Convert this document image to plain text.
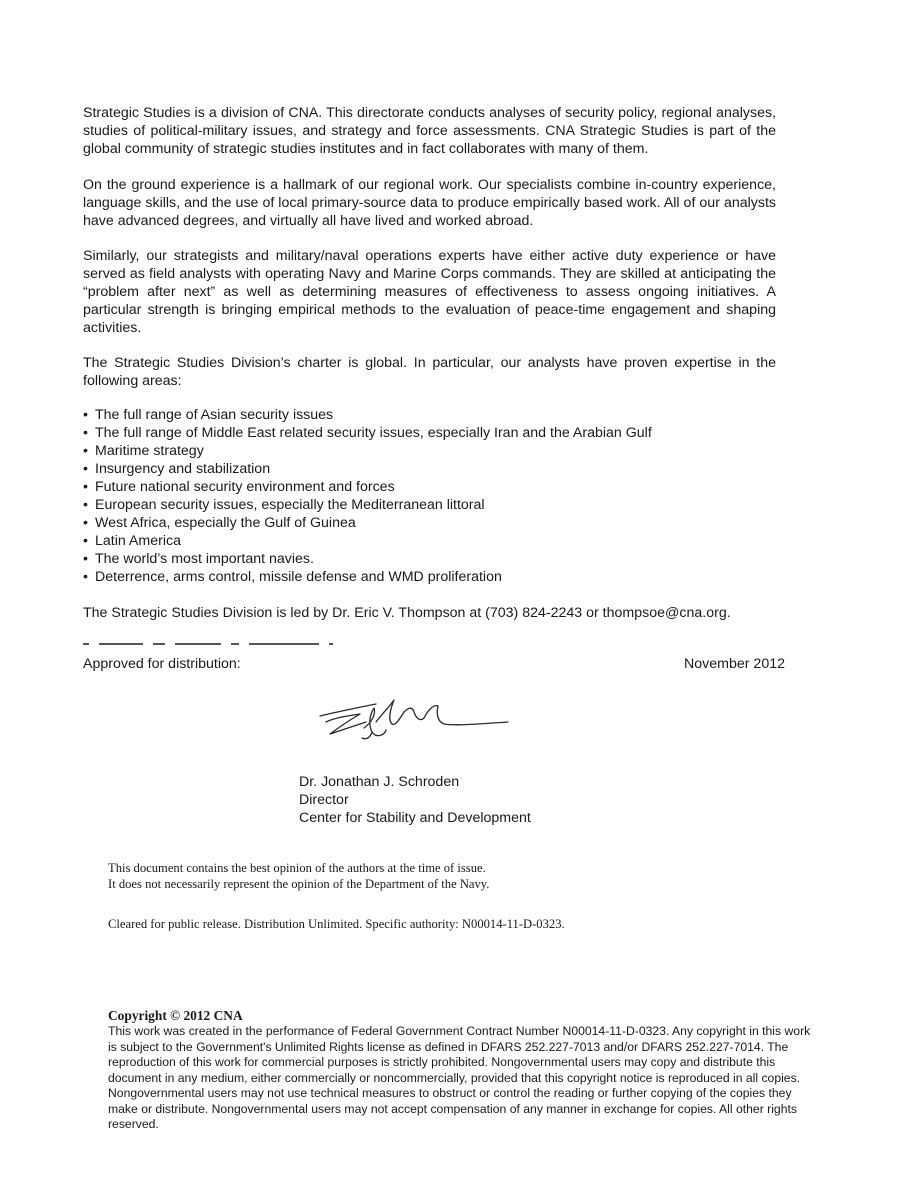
Strategic Studies is a division of CNA. This directorate conducts analyses of security policy, regional analyses, studies of political-military issues, and strategy and force assessments. CNA Strategic Studies is part of the global community of strategic studies institutes and in fact collaborates with many of them.

On the ground experience is a hallmark of our regional work. Our specialists combine in-country experience, language skills, and the use of local primary-source data to produce empirically based work. All of our analysts have advanced degrees, and virtually all have lived and worked abroad.

Similarly, our strategists and military/naval operations experts have either active duty experience or have served as field analysts with operating Navy and Marine Corps commands. They are skilled at anticipating the “problem after next” as well as determining measures of effectiveness to assess ongoing initiatives. A particular strength is bringing empirical methods to the evaluation of peace-time engagement and shaping activities.

The Strategic Studies Division’s charter is global. In particular, our analysts have proven expertise in the following areas:

• The full range of Asian security issues
• The full range of Middle East related security issues, especially Iran and the Arabian Gulf
• Maritime strategy
• Insurgency and stabilization
• Future national security environment and forces
• European security issues, especially the Mediterranean littoral
• West Africa, especially the Gulf of Guinea
• Latin America
• The world’s most important navies.
• Deterrence, arms control, missile defense and WMD proliferation

The Strategic Studies Division is led by Dr. Eric V. Thompson at (703) 824-2243 or thompsoe@cna.org.

Approved for distribution:	November 2012
Dr. Jonathan J. Schroden
Director
Center for Stability and Development
This document contains the best opinion of the authors at the time of issue.
It does not necessarily represent the opinion of the Department of the Navy.
Cleared for public release. Distribution Unlimited. Specific authority: N00014-11-D-0323.
Copyright © 2012 CNA

This work was created in the performance of Federal Government Contract Number N00014-11-D-0323. Any copyright in this work is subject to the Government's Unlimited Rights license as defined in DFARS 252.227-7013 and/or DFARS 252.227-7014. The reproduction of this work for commercial purposes is strictly prohibited. Nongovernmental users may copy and distribute this document in any medium, either commercially or noncommercially, provided that this copyright notice is reproduced in all copies. Nongovernmental users may not use technical measures to obstruct or control the reading or further copying of the copies they make or distribute. Nongovernmental users may not accept compensation of any manner in exchange for copies. All other rights reserved.
